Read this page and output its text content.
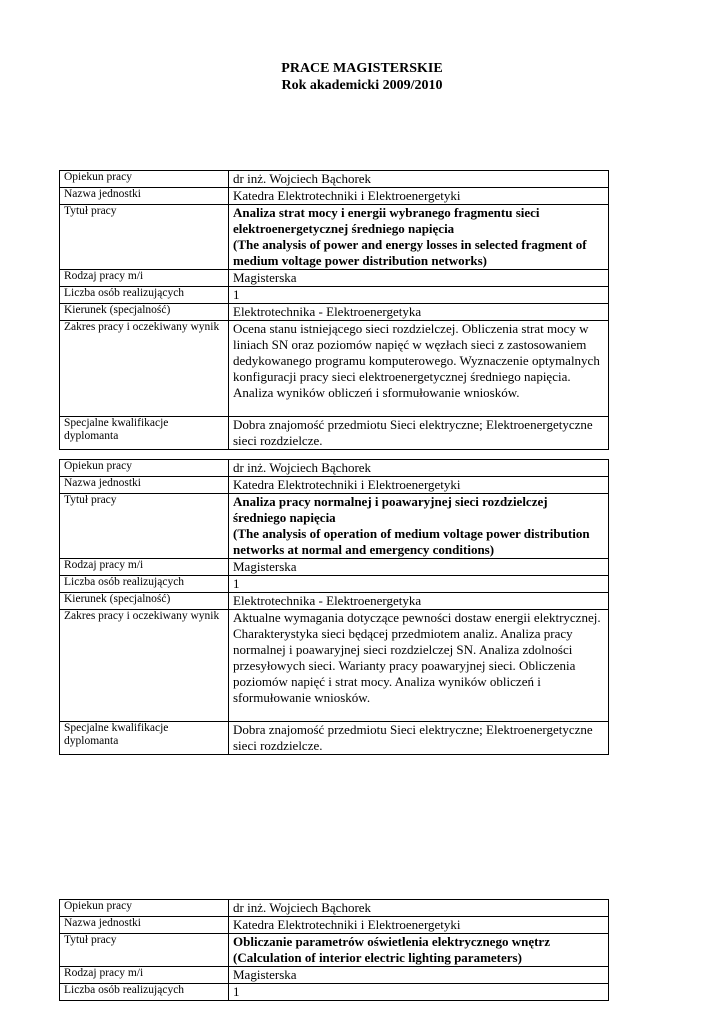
PRACE MAGISTERSKIE
Rok akademicki 2009/2010
Opiekun pracy	dr inż. Wojciech Bąchorek
Nazwa jednostki	Katedra Elektrotechniki i Elektroenergetyki
Tytuł pracy	Analiza strat mocy i energii wybranego fragmentu sieci elektroenergetycznej średniego napięcia
(The analysis of power and energy losses in selected fragment of medium voltage power distribution networks)

Rodzaj pracy m/i	Magisterska
Liczba osób realizujących	1
Kierunek (specjalność)	Elektrotechnika - Elektroenergetyka
Zakres pracy i oczekiwany wynik	Ocena stanu istniejącego sieci rozdzielczej. Obliczenia strat mocy w liniach SN oraz poziomów napięć w węzłach sieci z zastosowaniem dedykowanego programu komputerowego. Wyznaczenie optymalnych konfiguracji pracy sieci elektroenergetycznej średniego napięcia. Analiza wyników obliczeń i sformułowanie wniosków.

Specjalne kwalifikacje dyplomanta	Dobra znajomość przedmiotu Sieci elektryczne; Elektroenergetyczne sieci rozdzielcze.
Opiekun pracy	dr inż. Wojciech Bąchorek
Nazwa jednostki	Katedra Elektrotechniki i Elektroenergetyki
Tytuł pracy	Analiza pracy normalnej i poawaryjnej sieci rozdzielczej średniego napięcia
(The analysis of operation of medium voltage power distribution networks at normal and emergency conditions)

Rodzaj pracy m/i	Magisterska
Liczba osób realizujących	1
Kierunek (specjalność)	Elektrotechnika - Elektroenergetyka
Zakres pracy i oczekiwany wynik	Aktualne wymagania dotyczące pewności dostaw energii elektrycznej. Charakterystyka sieci będącej przedmiotem analiz. Analiza pracy normalnej i poawaryjnej sieci rozdzielczej SN. Analiza zdolności przesyłowych sieci. Warianty pracy poawaryjnej sieci. Obliczenia poziomów napięć i strat mocy. Analiza wyników obliczeń i sformułowanie wniosków.

Specjalne kwalifikacje dyplomanta	Dobra znajomość przedmiotu Sieci elektryczne; Elektroenergetyczne sieci rozdzielcze.
Opiekun pracy	dr inż. Wojciech Bąchorek
Nazwa jednostki	Katedra Elektrotechniki i Elektroenergetyki
Tytuł pracy	Obliczanie parametrów oświetlenia elektrycznego wnętrz
(Calculation of interior electric lighting parameters)

Rodzaj pracy m/i	Magisterska
Liczba osób realizujących	1
